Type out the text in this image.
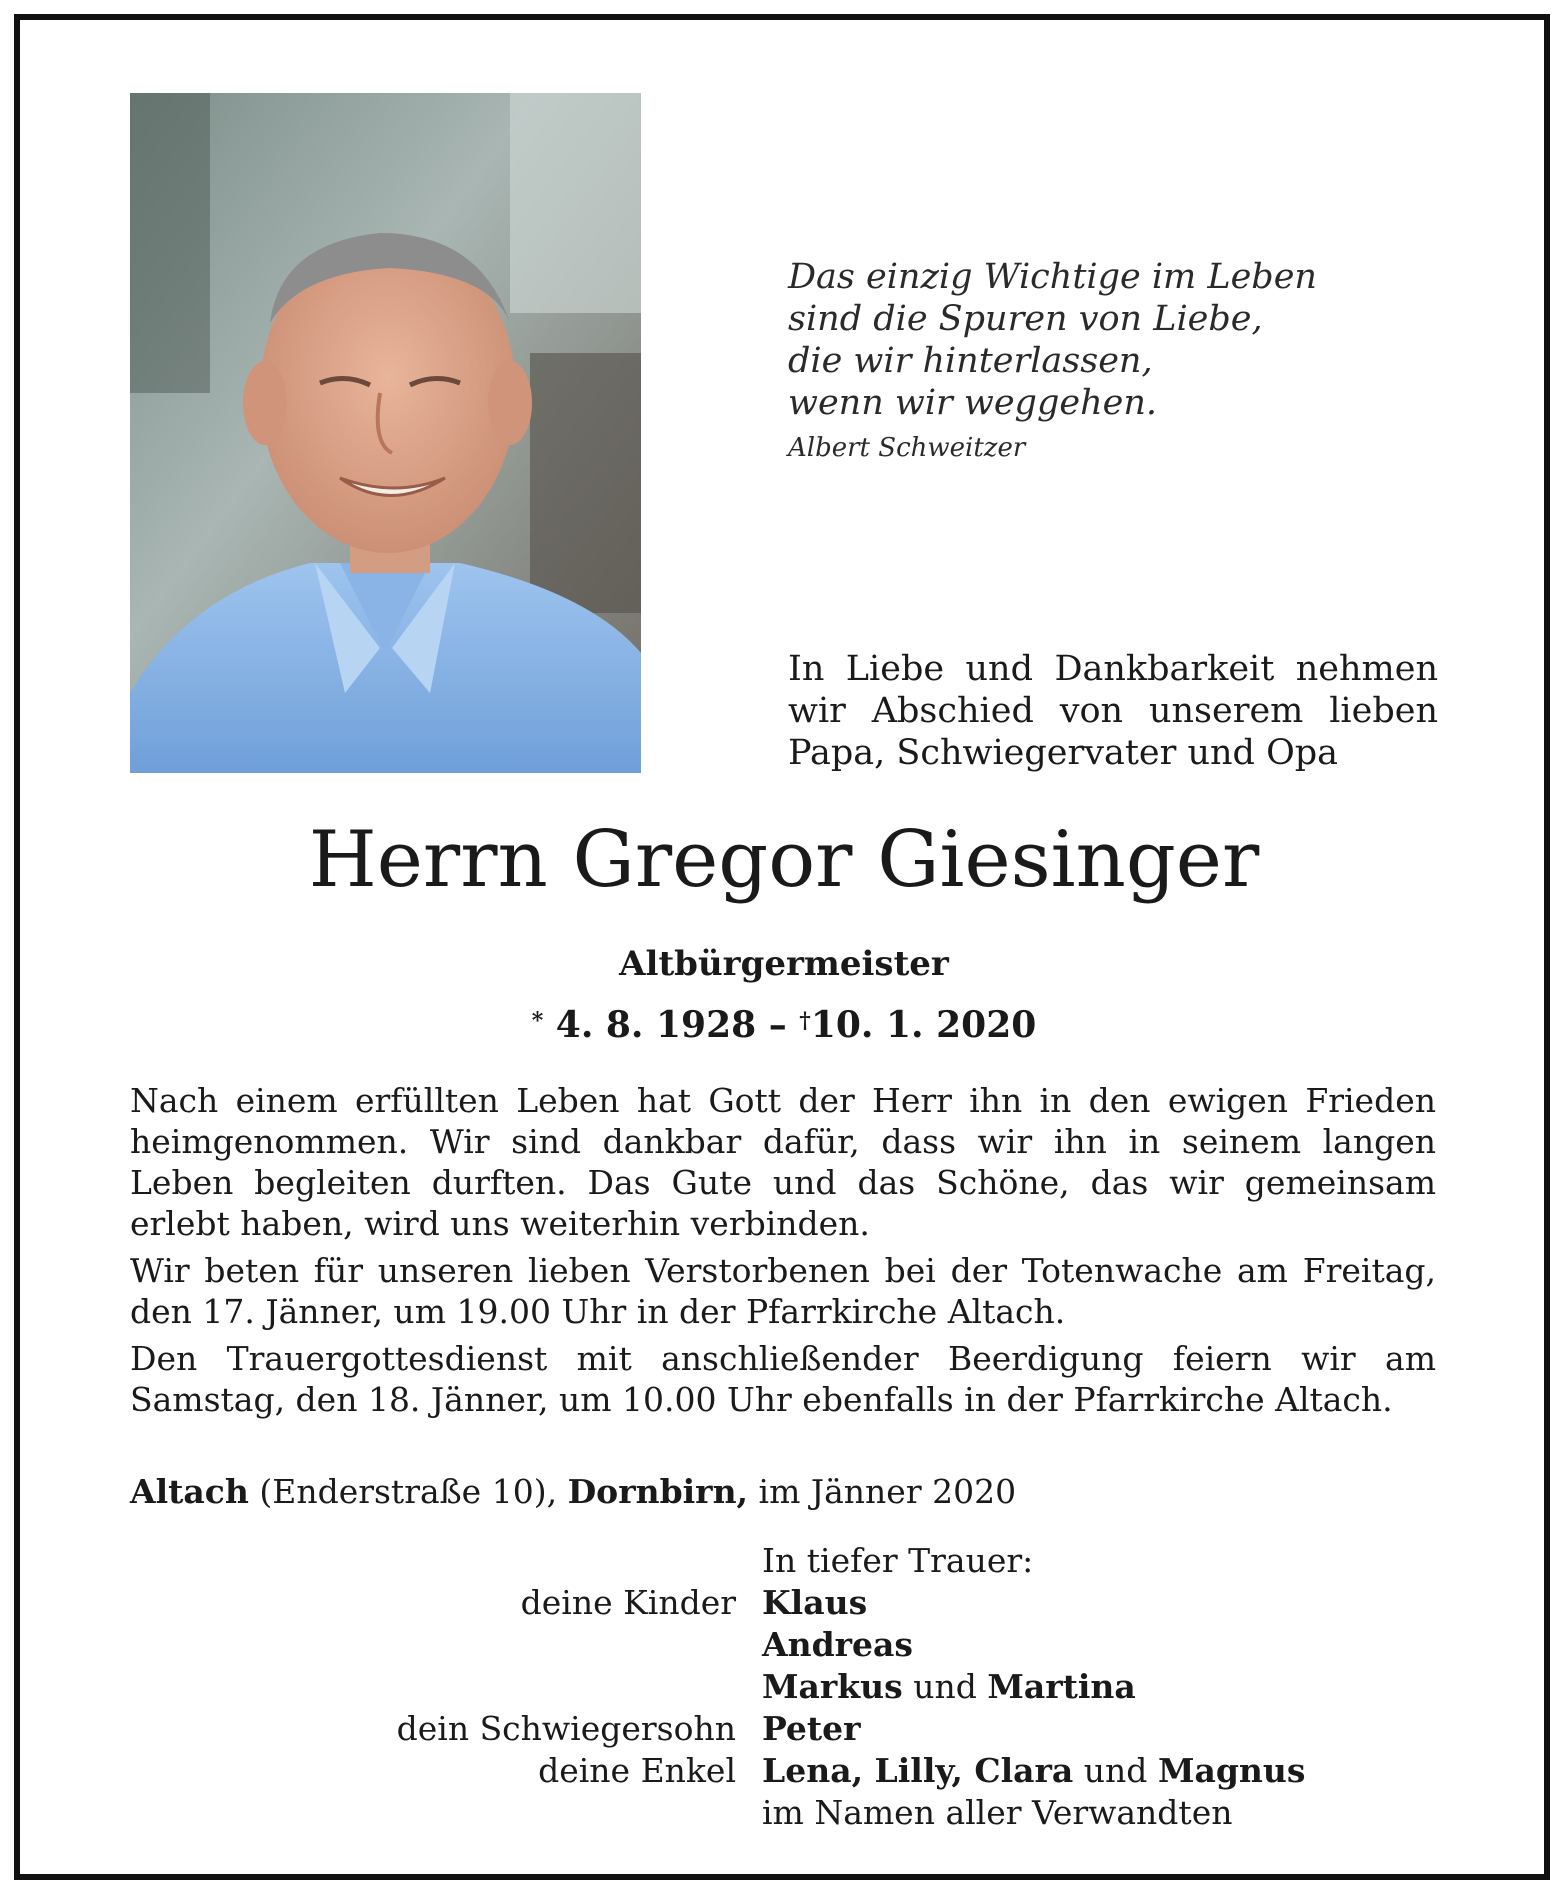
Das einzig Wichtige im Leben
sind die Spuren von Liebe,
die wir hinterlassen,
wenn wir weggehen.
Albert Schweitzer
In Liebe und Dankbarkeit nehmen wir Abschied von unserem lieben Papa, Schwiegervater und Opa
Herrn Gregor Giesinger
Altbürgermeister
* 4. 8. 1928 – †10. 1. 2020

Nach einem erfüllten Leben hat Gott der Herr ihn in den ewigen Frieden heimgenommen. Wir sind dankbar dafür, dass wir ihn in seinem langen Leben begleiten durften. Das Gute und das Schöne, das wir gemeinsam erlebt haben, wird uns weiterhin verbinden.

Wir beten für unseren lieben Verstorbenen bei der Totenwache am Freitag, den 17. Jänner, um 19.00 Uhr in der Pfarrkirche Altach.

Den Trauergottesdienst mit anschließender Beerdigung feiern wir am Samstag, den 18. Jänner, um 10.00 Uhr ebenfalls in der Pfarrkirche Altach.

Altach (Enderstraße 10), Dornbirn, im Jänner 2020
In tiefer Trauer:
deine Kinder Klaus
Andreas
Markus und Martina
dein Schwiegersohn Peter
deine Enkel Lena, Lilly, Clara und Magnus
im Namen aller Verwandten
